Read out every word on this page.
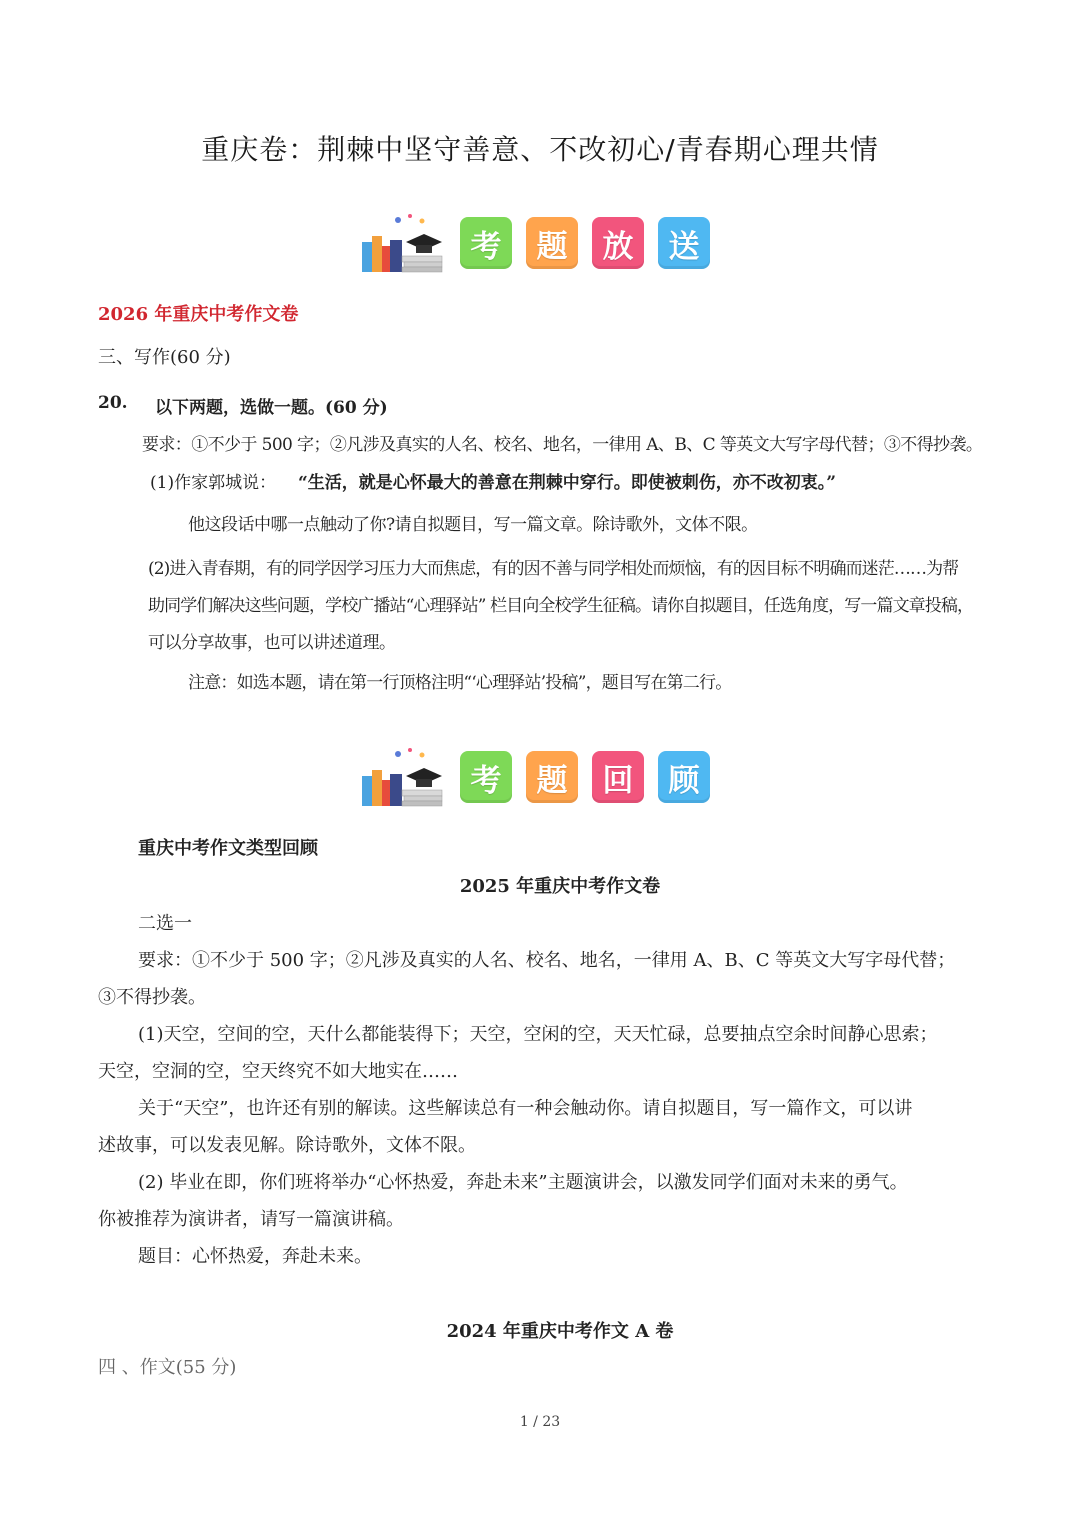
重庆卷：荆棘中坚守善意、不改初心/青春期心理共情
考	题	放	送
2026 年重庆中考作文卷
三、写作(60 分)
20. 以下两题，选做一题。(60 分)
要求：①不少于 500 字；②凡涉及真实的人名、校名、地名，一律用 A、B、C 等英文大写字母代替；③不得抄袭。
(1)作家郭城说： “生活，就是心怀最大的善意在荆棘中穿行。即使被刺伤，亦不改初衷。”
他这段话中哪一点触动了你?请自拟题目，写一篇文章。除诗歌外，文体不限。
(2)进入青春期，有的同学因学习压力大而焦虑，有的因不善与同学相处而烦恼，有的因目标不明确而迷茫……为帮
助同学们解决这些问题，学校广播站“心理驿站” 栏目向全校学生征稿。请你自拟题目，任选角度，写一篇文章投稿，
可以分享故事，也可以讲述道理。
注意：如选本题，请在第一行顶格注明“‘心理驿站’投稿”，题目写在第二行。
考	题	回	顾
重庆中考作文类型回顾
2025 年重庆中考作文卷
二选一
要求：①不少于 500 字；②凡涉及真实的人名、校名、地名，一律用 A、B、C 等英文大写字母代替；
③不得抄袭。
(1)天空，空间的空，天什么都能装得下；天空，空闲的空，天天忙碌，总要抽点空余时间静心思索；
天空，空洞的空，空天终究不如大地实在……
关于“天空”，也许还有别的解读。这些解读总有一种会触动你。请自拟题目，写一篇作文，可以讲
述故事，可以发表见解。除诗歌外，文体不限。
(2) 毕业在即，你们班将举办“心怀热爱，奔赴未来”主题演讲会，以激发同学们面对未来的勇气。
你被推荐为演讲者，请写一篇演讲稿。
题目：心怀热爱，奔赴未来。
2024 年重庆中考作文 A 卷
四 、作文(55 分)
1 / 23
